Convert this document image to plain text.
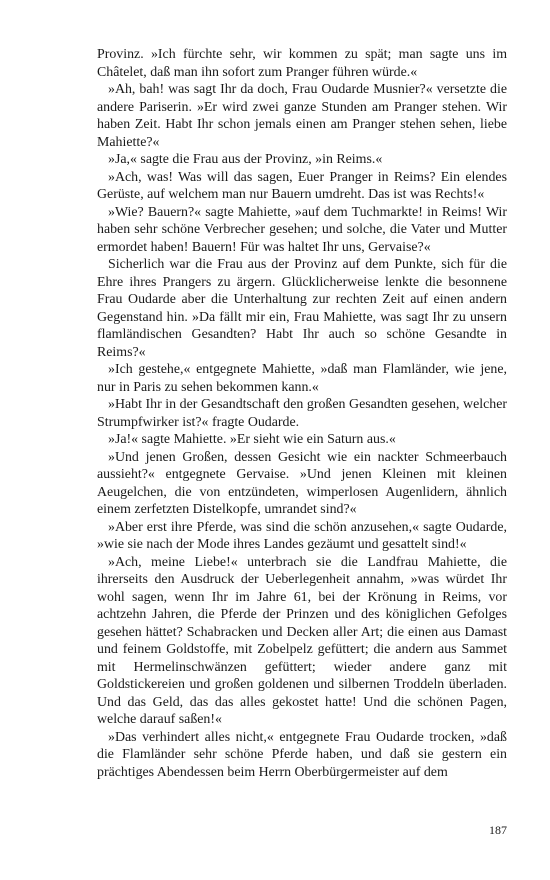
Provinz. »Ich fürchte sehr, wir kommen zu spät; man sagte uns im Châtelet, daß man ihn sofort zum Pranger führen würde.«

»Ah, bah! was sagt Ihr da doch, Frau Oudarde Musnier?« versetzte die andere Pariserin. »Er wird zwei ganze Stunden am Pranger stehen. Wir haben Zeit. Habt Ihr schon jemals einen am Pranger stehen sehen, liebe Mahiette?«

»Ja,« sagte die Frau aus der Provinz, »in Reims.«

»Ach, was! Was will das sagen, Euer Pranger in Reims? Ein elendes Gerüste, auf welchem man nur Bauern umdreht. Das ist was Rechts!«

»Wie? Bauern?« sagte Mahiette, »auf dem Tuchmarkte! in Reims! Wir haben sehr schöne Verbrecher gesehen; und solche, die Vater und Mutter ermordet haben! Bauern! Für was haltet Ihr uns, Gervaise?«

Sicherlich war die Frau aus der Provinz auf dem Punkte, sich für die Ehre ihres Prangers zu ärgern. Glücklicherweise lenkte die besonnene Frau Oudarde aber die Unterhaltung zur rechten Zeit auf einen andern Gegenstand hin. »Da fällt mir ein, Frau Mahiette, was sagt Ihr zu unsern flamländischen Gesandten? Habt Ihr auch so schöne Gesandte in Reims?«

»Ich gestehe,« entgegnete Mahiette, »daß man Flamländer, wie jene, nur in Paris zu sehen bekommen kann.«

»Habt Ihr in der Gesandtschaft den großen Gesandten gesehen, welcher Strumpfwirker ist?« fragte Oudarde.

»Ja!« sagte Mahiette. »Er sieht wie ein Saturn aus.«

»Und jenen Großen, dessen Gesicht wie ein nackter Schmeerbauch aussieht?« entgegnete Gervaise. »Und jenen Kleinen mit kleinen Aeugelchen, die von entzündeten, wimperlosen Augenlidern, ähnlich einem zerfetzten Distelkopfe, umrandet sind?«

»Aber erst ihre Pferde, was sind die schön anzusehen,« sagte Oudarde, »wie sie nach der Mode ihres Landes gezäumt und gesattelt sind!«

»Ach, meine Liebe!« unterbrach sie die Landfrau Mahiette, die ihrerseits den Ausdruck der Ueberlegenheit annahm, »was würdet Ihr wohl sagen, wenn Ihr im Jahre 61, bei der Krönung in Reims, vor achtzehn Jahren, die Pferde der Prinzen und des königlichen Gefolges gesehen hättet? Schabracken und Decken aller Art; die einen aus Damast und feinem Goldstoffe, mit Zobelpelz gefüttert; die andern aus Sammet mit Hermelinschwänzen gefüttert; wieder andere ganz mit Goldstickereien und großen goldenen und silbernen Troddeln überladen. Und das Geld, das das alles gekostet hatte! Und die schönen Pagen, welche darauf saßen!«

»Das verhindert alles nicht,« entgegnete Frau Oudarde trocken, »daß die Flamländer sehr schöne Pferde haben, und daß sie gestern ein prächtiges Abendessen beim Herrn Oberbürgermeister auf dem

187
